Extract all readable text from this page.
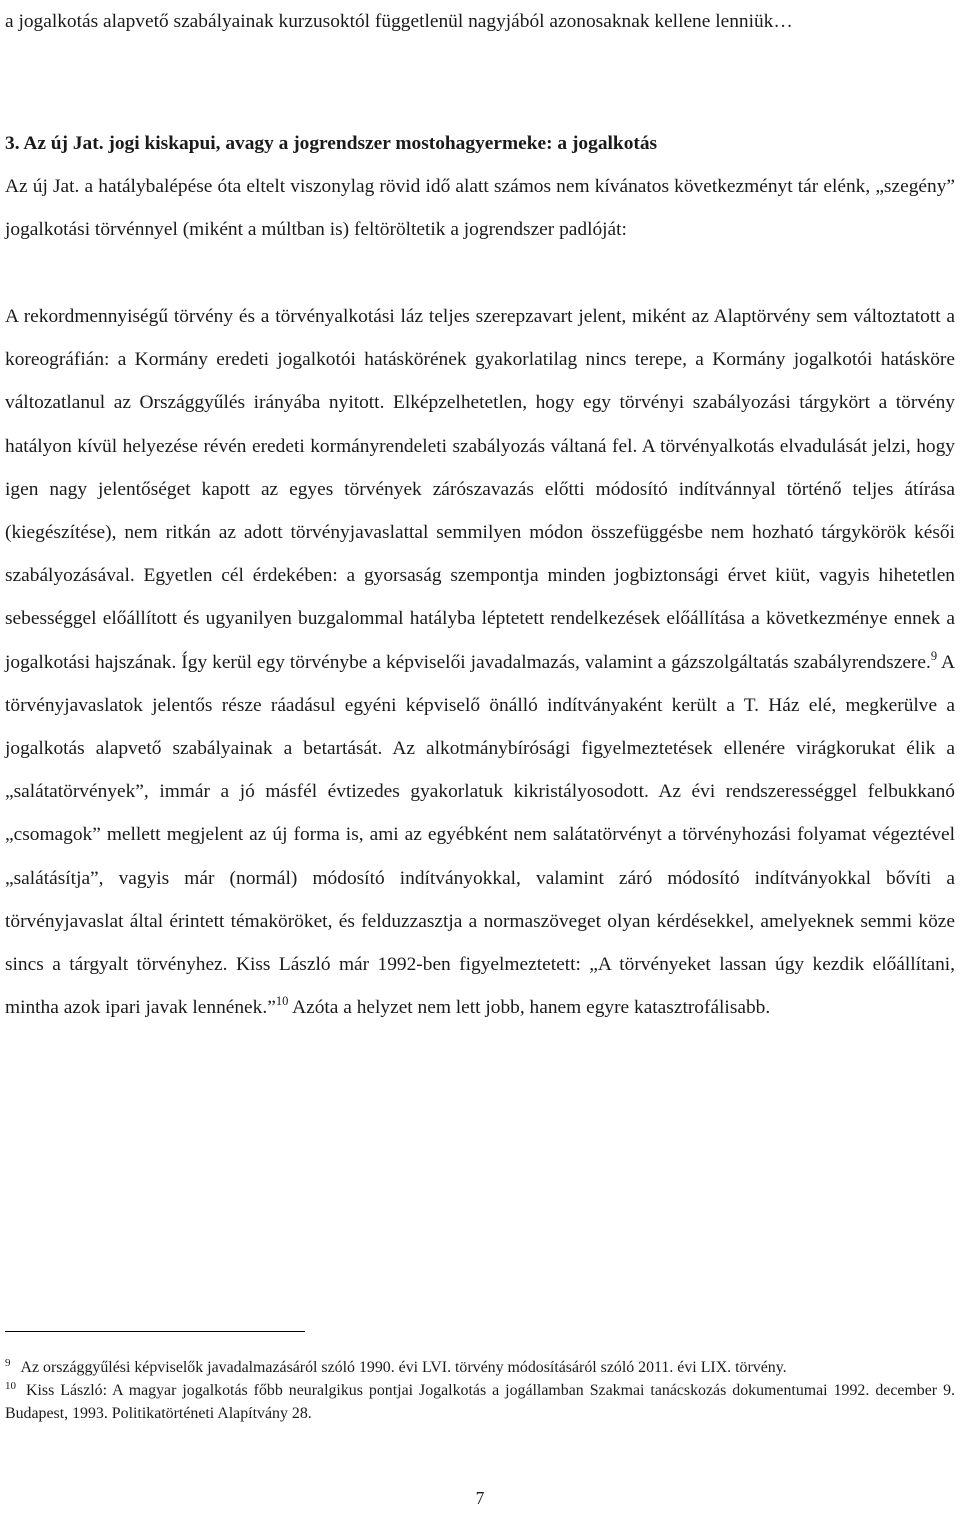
a jogalkotás alapvető szabályainak kurzusoktól függetlenül nagyjából azonosaknak kellene lenniük…

3. Az új Jat. jogi kiskapui, avagy a jogrendszer mostohagyermeke: a jogalkotás

Az új Jat. a hatálybalépése óta eltelt viszonylag rövid idő alatt számos nem kívánatos következményt tár elénk, „szegény” jogalkotási törvénnyel (miként a múltban is) feltöröltetik a jogrendszer padlóját:

A rekordmennyiségű törvény és a törvényalkotási láz teljes szerepzavart jelent, miként az Alaptörvény sem változtatott a koreográfián: a Kormány eredeti jogalkotói hatáskörének gyakorlatilag nincs terepe, a Kormány jogalkotói hatásköre változatlanul az Országgyűlés irányába nyitott. Elképzelhetetlen, hogy egy törvényi szabályozási tárgykört a törvény hatályon kívül helyezése révén eredeti kormányrendeleti szabályozás váltaná fel. A törvényalkotás elvadulását jelzi, hogy igen nagy jelentőséget kapott az egyes törvények zárószavazás előtti módosító indítvánnyal történő teljes átírása (kiegészítése), nem ritkán az adott törvényjavaslattal semmilyen módon összefüggésbe nem hozható tárgykörök késői szabályozásával. Egyetlen cél érdekében: a gyorsaság szempontja minden jogbiztonsági érvet kiüt, vagyis hihetetlen sebességgel előállított és ugyanilyen buzgalommal hatályba léptetett rendelkezések előállítása a következménye ennek a jogalkotási hajszának. Így kerül egy törvénybe a képviselői javadalmazás, valamint a gázszolgáltatás szabályrendszere.$^9$ A törvényjavaslatok jelentős része ráadásul egyéni képviselő önálló indítványaként került a T. Ház elé, megkerülve a jogalkotás alapvető szabályainak a betartását. Az alkotmánybírósági figyelmeztetések ellenére virágkorukat élik a „salátatörvények”, immár a jó másfél évtizedes gyakorlatuk kikristályosodott. Az évi rendszerességgel felbukkanó „csomagok” mellett megjelent az új forma is, ami az egyébként nem salátatörvényt a törvényhozási folyamat végeztével „salátásítja”, vagyis már (normál) módosító indítványokkal, valamint záró módosító indítványokkal bővíti a törvényjavaslat által érintett témaköröket, és felduzzasztja a normaszöveget olyan kérdésekkel, amelyeknek semmi köze sincs a tárgyalt törvényhez. Kiss László már 1992-ben figyelmeztetett: „A törvényeket lassan úgy kezdik előállítani, mintha azok ipari javak lennének.”$^{10}$ Azóta a helyzet nem lett jobb, hanem egyre katasztrofálisabb.

$^9$ Az országgyűlési képviselők javadalmazásáról szóló 1990. évi LVI. törvény módosításáról szóló 2011. évi LIX. törvény.

$^{10}$ Kiss László: A magyar jogalkotás főbb neuralgikus pontjai Jogalkotás a jogállamban Szakmai tanácskozás dokumentumai 1992. december 9. Budapest, 1993. Politikatörténeti Alapítvány 28.

7
